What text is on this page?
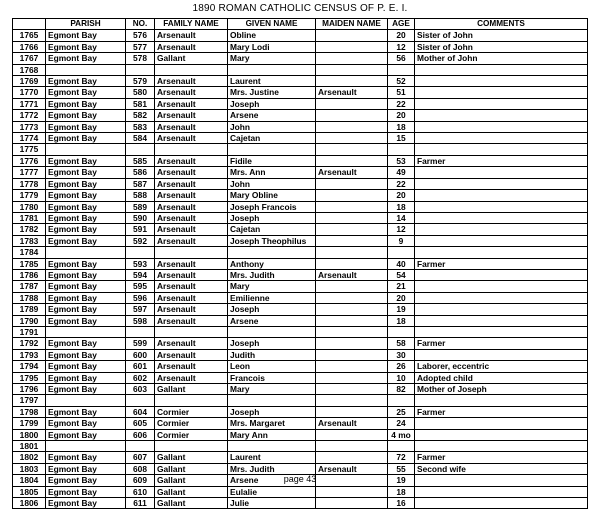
1890 ROMAN CATHOLIC CENSUS OF P. E. I.
	PARISH	NO.	FAMILY NAME	GIVEN NAME	MAIDEN NAME	AGE	COMMENTS
1765	Egmont Bay	576	Arsenault	Obline		20	Sister of John
1766	Egmont Bay	577	Arsenault	Mary Lodi		12	Sister of John
1767	Egmont Bay	578	Gallant	Mary		56	Mother of John
1768							
1769	Egmont Bay	579	Arsenault	Laurent		52	
1770	Egmont Bay	580	Arsenault	Mrs. Justine	Arsenault	51	
1771	Egmont Bay	581	Arsenault	Joseph		22	
1772	Egmont Bay	582	Arsenault	Arsene		20	
1773	Egmont Bay	583	Arsenault	John		18	
1774	Egmont Bay	584	Arsenault	Cajetan		15	
1775							
1776	Egmont Bay	585	Arsenault	Fidile		53	Farmer
1777	Egmont Bay	586	Arsenault	Mrs. Ann	Arsenault	49	
1778	Egmont Bay	587	Arsenault	John		22	
1779	Egmont Bay	588	Arsenault	Mary Obline		20	
1780	Egmont Bay	589	Arsenault	Joseph Francois		18	
1781	Egmont Bay	590	Arsenault	Joseph		14	
1782	Egmont Bay	591	Arsenault	Cajetan		12	
1783	Egmont Bay	592	Arsenault	Joseph Theophilus		9	
1784							
1785	Egmont Bay	593	Arsenault	Anthony		40	Farmer
1786	Egmont Bay	594	Arsenault	Mrs. Judith	Arsenault	54	
1787	Egmont Bay	595	Arsenault	Mary		21	
1788	Egmont Bay	596	Arsenault	Emilienne		20	
1789	Egmont Bay	597	Arsenault	Joseph		19	
1790	Egmont Bay	598	Arsenault	Arsene		18	
1791							
1792	Egmont Bay	599	Arsenault	Joseph		58	Farmer
1793	Egmont Bay	600	Arsenault	Judith		30	
1794	Egmont Bay	601	Arsenault	Leon		26	Laborer, eccentric
1795	Egmont Bay	602	Arsenault	Francois		10	Adopted child
1796	Egmont Bay	603	Gallant	Mary		82	Mother of Joseph
1797							
1798	Egmont Bay	604	Cormier	Joseph		25	Farmer
1799	Egmont Bay	605	Cormier	Mrs. Margaret	Arsenault	24	
1800	Egmont Bay	606	Cormier	Mary Ann		4 mo	
1801							
1802	Egmont Bay	607	Gallant	Laurent		72	Farmer
1803	Egmont Bay	608	Gallant	Mrs. Judith	Arsenault	55	Second wife
1804	Egmont Bay	609	Gallant	Arsene		19	
1805	Egmont Bay	610	Gallant	Eulalie		18	
1806	Egmont Bay	611	Gallant	Julie		16	
page 43
